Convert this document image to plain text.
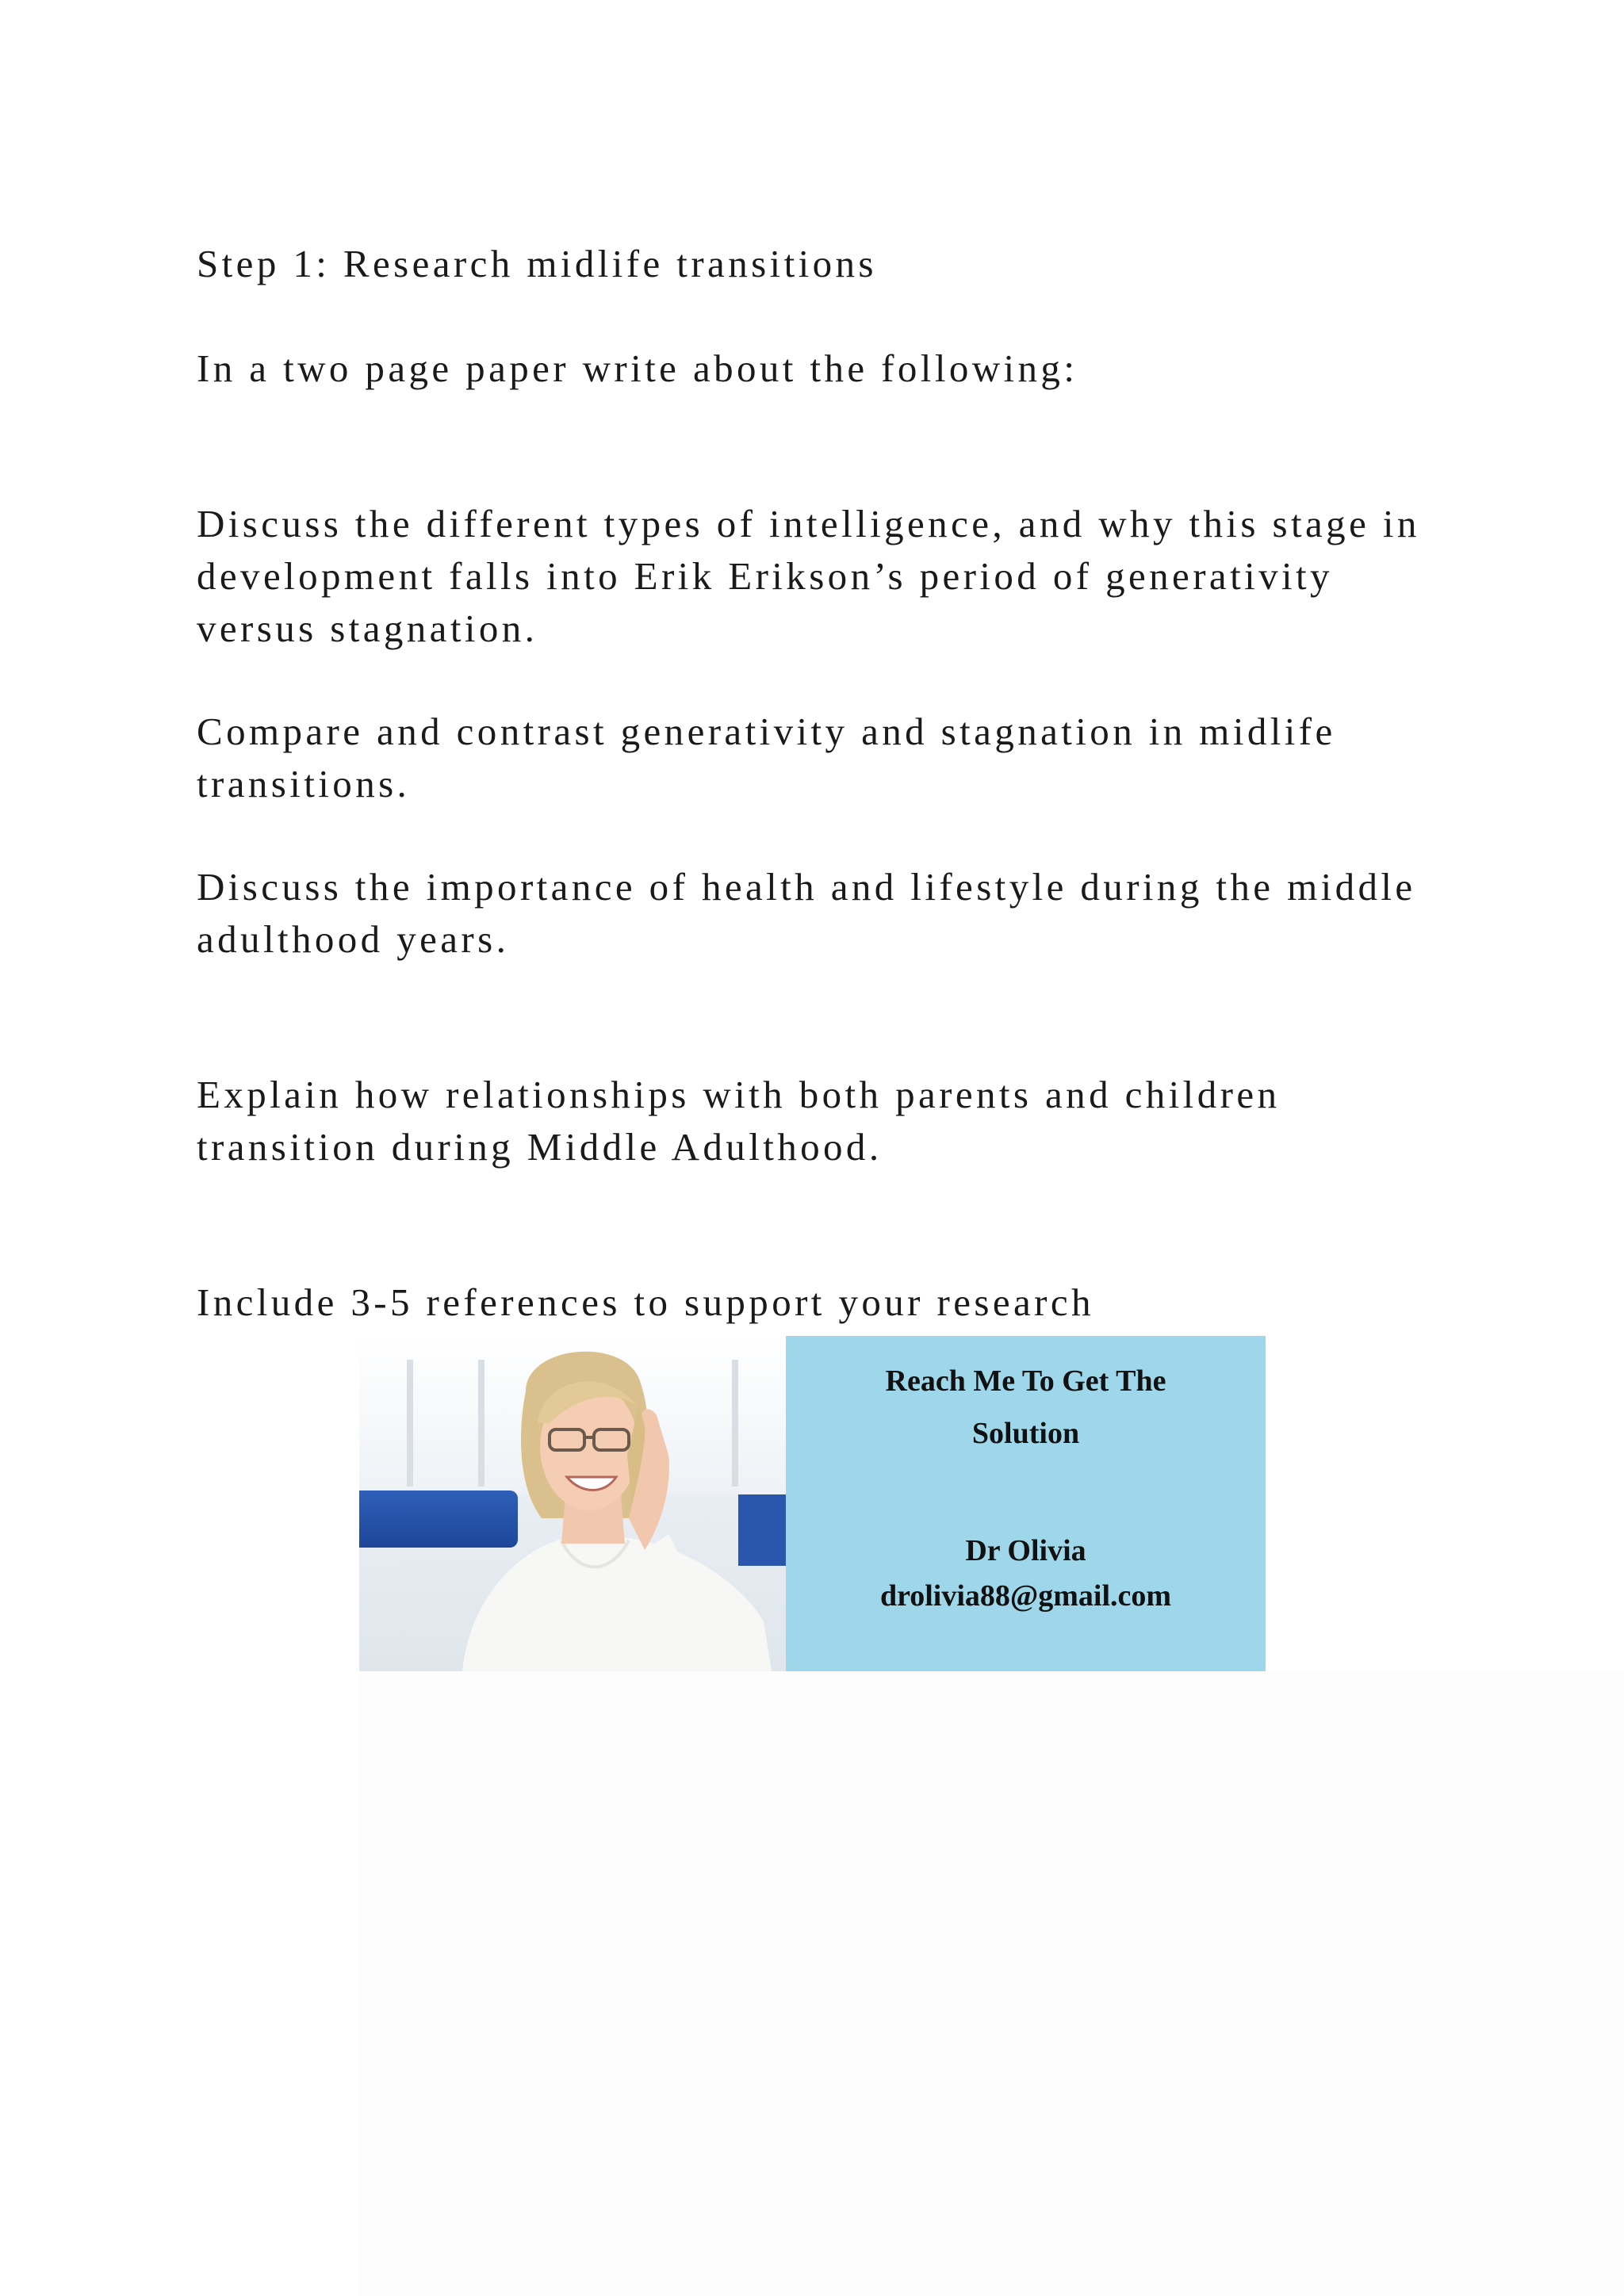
Step 1: Research midlife transitions

In a two page paper write about the following:

Discuss the different types of intelligence, and why this stage in development falls into Erik Erikson’s period of generativity versus stagnation.

Compare and contrast generativity and stagnation in midlife transitions.

Discuss the importance of health and lifestyle during the middle adulthood years.

Explain how relationships with both parents and children transition during Middle Adulthood.

Include 3-5 references to support your research

Reach Me To Get The
Solution
Dr Olivia
drolivia88@gmail.com
